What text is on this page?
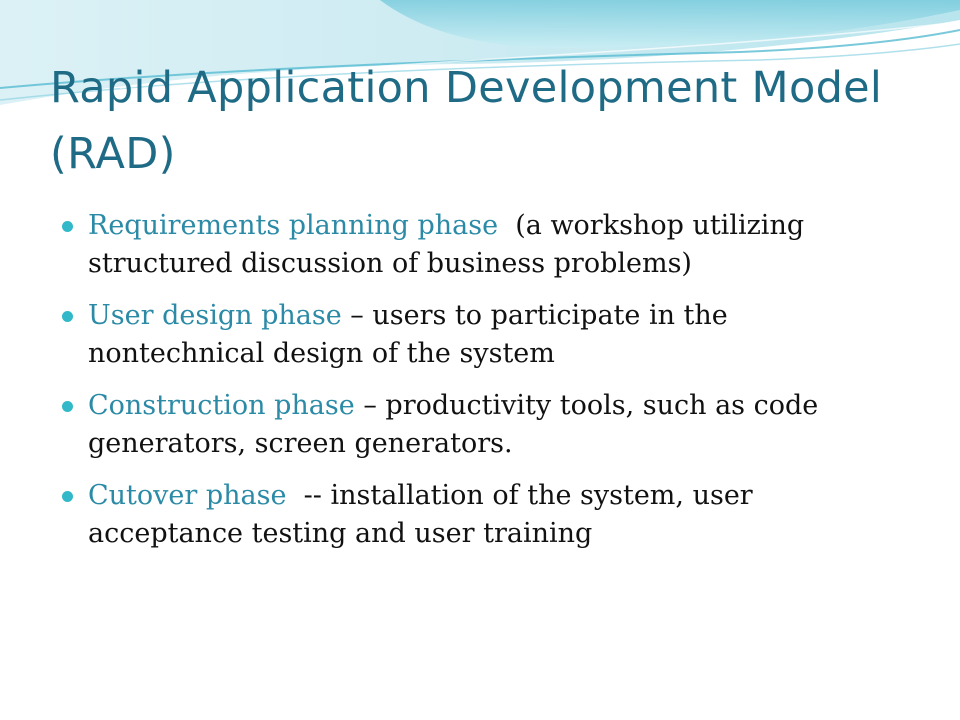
Rapid Application Development Model (RAD)
Requirements planning phase  (a workshop utilizing structured discussion of business problems)
User design phase – users to participate in the nontechnical design of the system
Construction phase – productivity tools, such as code generators, screen generators.
Cutover phase  -- installation of the system, user acceptance testing and user training
